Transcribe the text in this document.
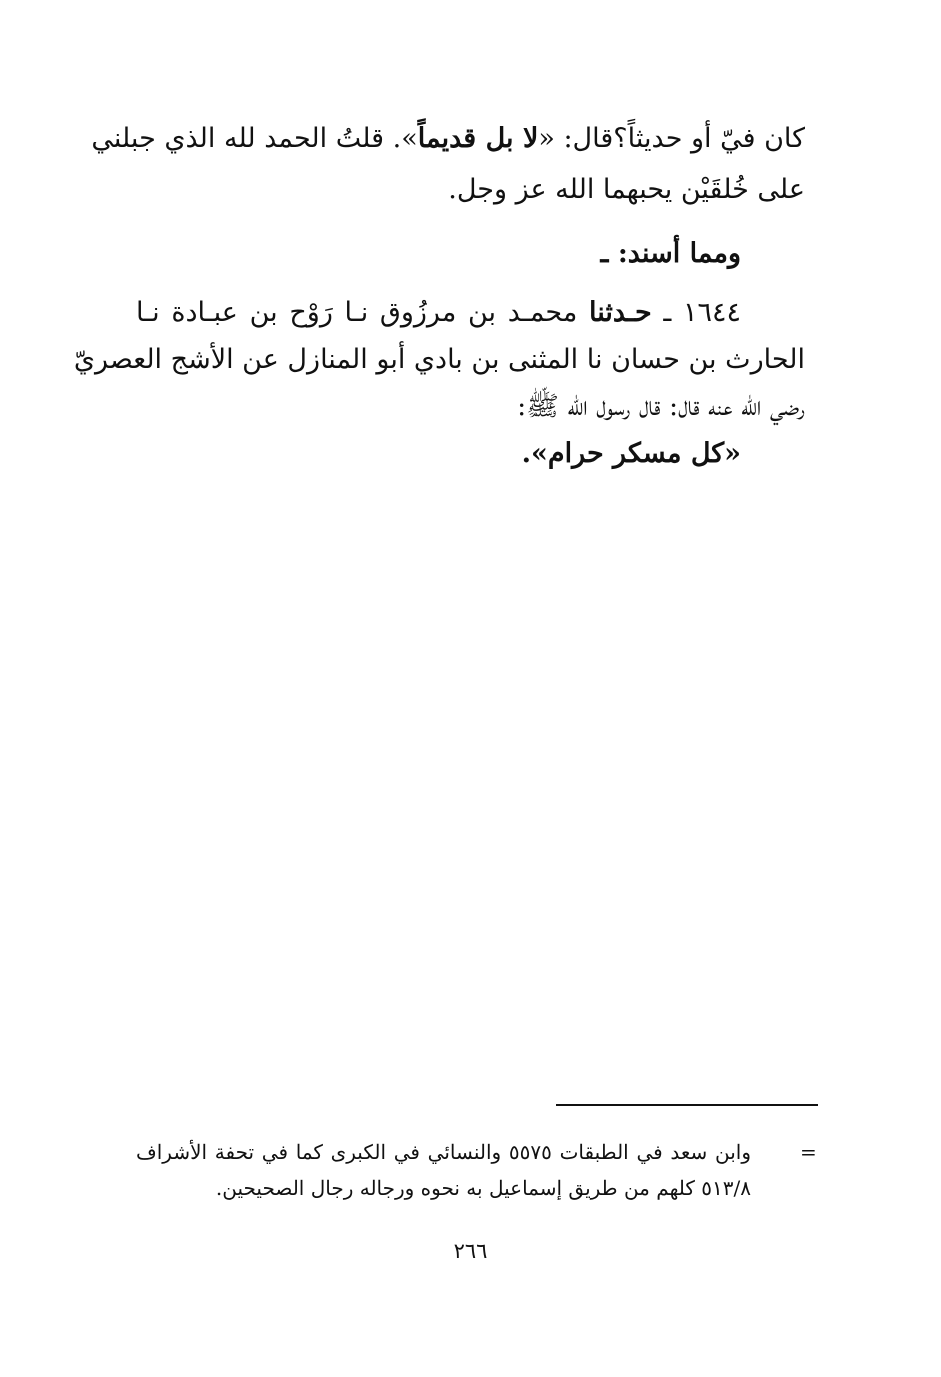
كان فيّ أو حديثاً؟قال: «لا بل قديماً». قلتُ الحمد لله الذي جبلني
على خُلقَيْن يحبهما الله عز وجل.
ومما أسند: ـ
١٦٤٤ ـ حـدثنا محمـد بن مرزُوق نـا رَوْح بن عبـادة نـا
الحارث بن حسان نا المثنى بن بادي أبو المنازل عن الأشج العصريّ
رضي الله عنه قال: قال رسول الله ﷺ:
«كل مسكر حرام».
=
وابن سعد في الطبقات ٥٥٧٥ والنسائي في الكبرى كما في تحفة الأشراف
٥١٣/٨ كلهم من طريق إسماعيل به نحوه ورجاله رجال الصحيحين.
٢٦٦
